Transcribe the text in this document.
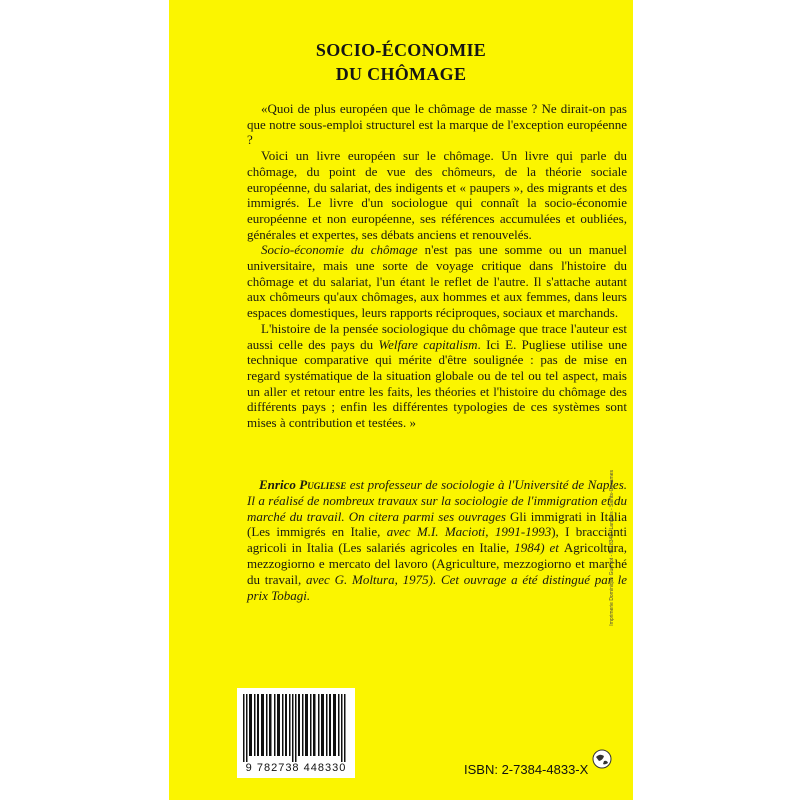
SOCIO-ÉCONOMIE
DU CHÔMAGE

«Quoi de plus européen que le chômage de masse ? Ne dirait-on pas que notre sous-emploi structurel est la marque de l'exception européenne ?

Voici un livre européen sur le chômage. Un livre qui parle du chômage, du point de vue des chômeurs, de la théorie sociale européenne, du salariat, des indigents et « paupers », des migrants et des immigrés. Le livre d'un sociologue qui connaît la socio-économie européenne et non européenne, ses références accumulées et oubliées, générales et expertes, ses débats anciens et renouvelés.

Socio-économie du chômage n'est pas une somme ou un manuel universitaire, mais une sorte de voyage critique dans l'histoire du chômage et du salariat, l'un étant le reflet de l'autre. Il s'attache autant aux chômeurs qu'aux chômages, aux hommes et aux femmes, dans leurs espaces domestiques, leurs rapports réciproques, sociaux et marchands.

L'histoire de la pensée sociologique du chômage que trace l'auteur est aussi celle des pays du Welfare capitalism. Ici E. Pugliese utilise une technique comparative qui mérite d'être soulignée : pas de mise en regard systématique de la situation globale ou de tel ou tel aspect, mais un aller et retour entre les faits, les théories et l'histoire du chômage des différents pays ; enfin les différentes typologies de ces systèmes sont mises à contribution et testées. »

Enrico Pugliese est professeur de sociologie à l'Université de Naples. Il a réalisé de nombreux travaux sur la sociologie de l'immigration et du marché du travail. On citera parmi ses ouvrages Gli immigrati in Italia (Les immigrés en Italie, avec M.I. Macioti, 1991-1993), I braccianti agricoli in Italia (Les salariés agricoles en Italie, 1984) et Agricoltura, mezzogiorno e mercato del lavoro (Agriculture, mezzogiorno et marché du travail, avec G. Moltura, 1975). Cet ouvrage a été distingué par le prix Tobagi.

9 782738 448330	ISBN: 2-7384-4833-X
Imprimerie Dominique Guéniot - N°18348 - Langres - Saints-Geosmes
